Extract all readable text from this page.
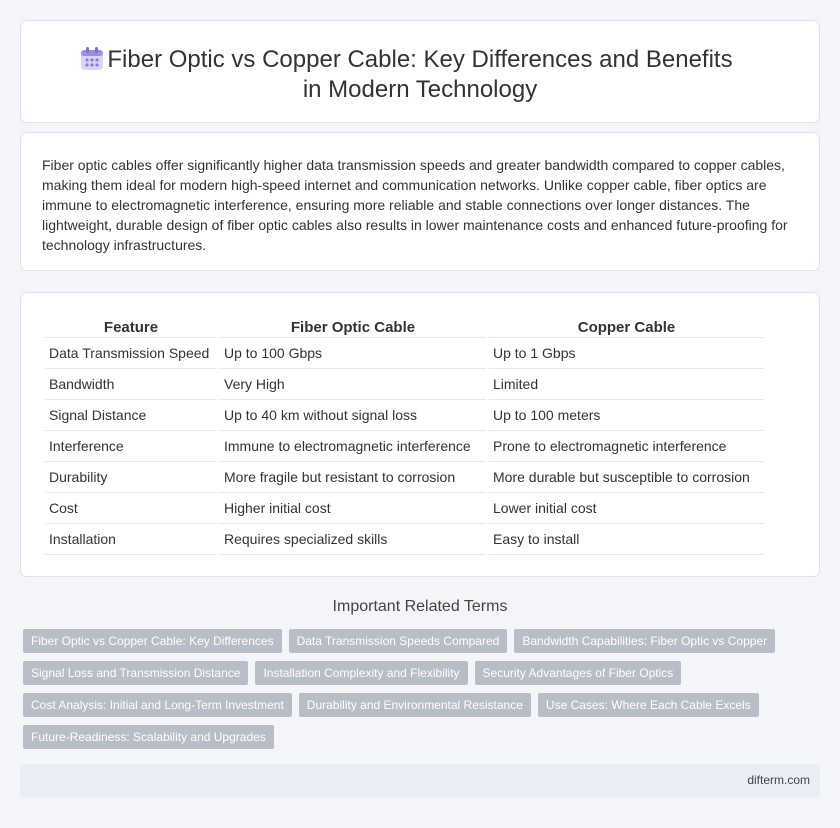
Fiber Optic vs Copper Cable: Key Differences and Benefits in Modern Technology

Fiber optic cables offer significantly higher data transmission speeds and greater bandwidth compared to copper cables, making them ideal for modern high-speed internet and communication networks. Unlike copper cable, fiber optics are immune to electromagnetic interference, ensuring more reliable and stable connections over longer distances. The lightweight, durable design of fiber optic cables also results in lower maintenance costs and enhanced future-proofing for technology infrastructures.

Feature	Fiber Optic Cable	Copper Cable
Data Transmission Speed	Up to 100 Gbps	Up to 1 Gbps
Bandwidth	Very High	Limited
Signal Distance	Up to 40 km without signal loss	Up to 100 meters
Interference	Immune to electromagnetic interference	Prone to electromagnetic interference
Durability	More fragile but resistant to corrosion	More durable but susceptible to corrosion
Cost	Higher initial cost	Lower initial cost
Installation	Requires specialized skills	Easy to install
Important Related Terms
Fiber Optic vs Copper Cable: Key Differences	Data Transmission Speeds Compared	Bandwidth Capabilities: Fiber Optic vs Copper
Signal Loss and Transmission Distance	Installation Complexity and Flexibility	Security Advantages of Fiber Optics
Cost Analysis: Initial and Long-Term Investment	Durability and Environmental Resistance	Use Cases: Where Each Cable Excels
Future-Readiness: Scalability and Upgrades
difterm.com
